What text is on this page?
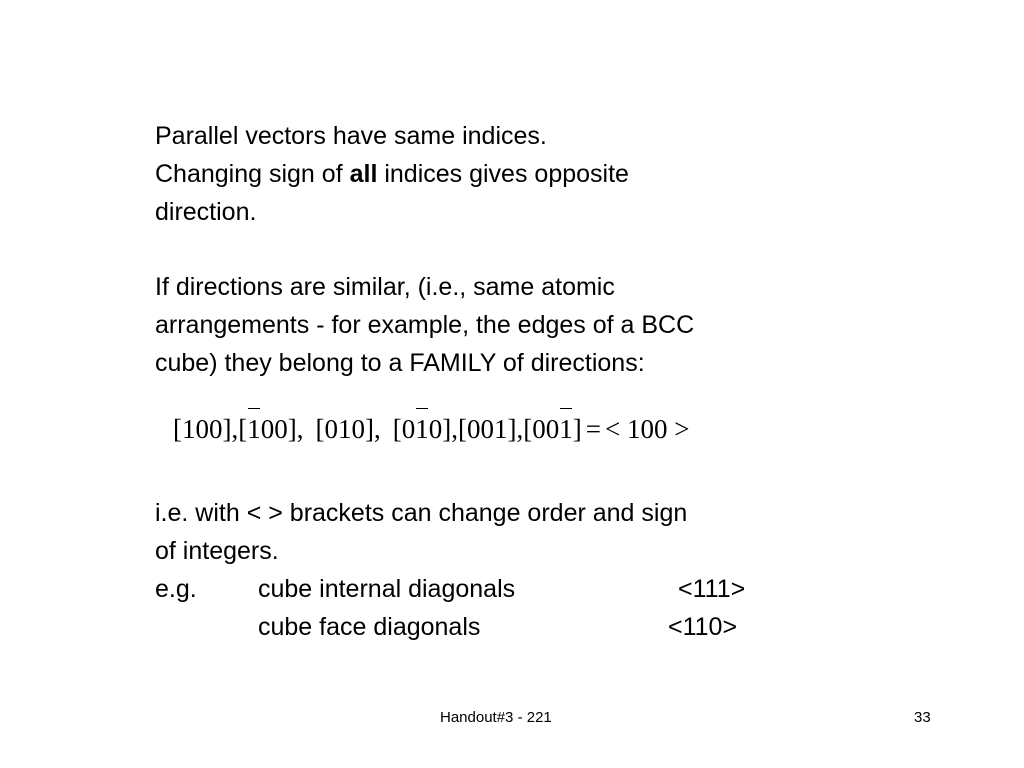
Parallel vectors have same indices.
Changing sign of all indices gives opposite
direction.
If directions are similar, (i.e., same atomic
arrangements - for example, the edges of a BCC
cube) they belong to a FAMILY of directions:
[100],[100], [010], [010],[001],[001] = < 100 >
i.e. with < > brackets can change order and sign
of integers.
e.g. cube internal diagonals	<111>
cube face diagonals	<110>
Handout#3 - 221	33
